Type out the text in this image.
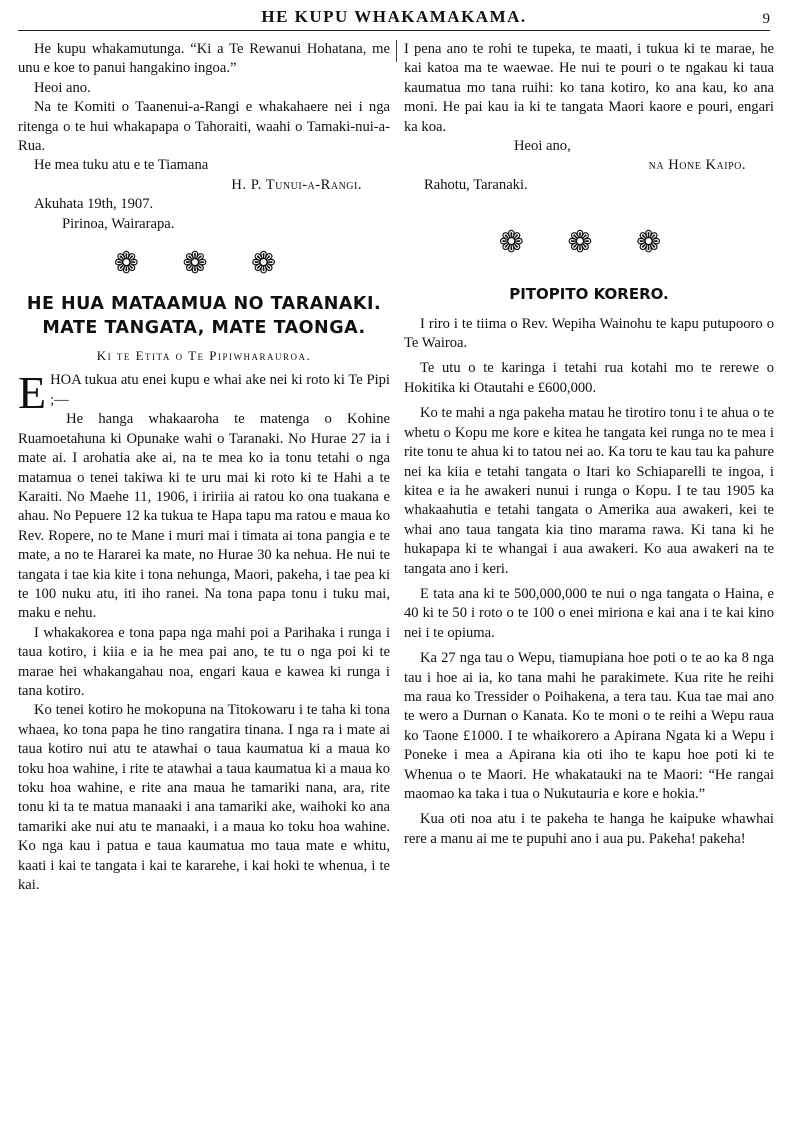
HE KUPU WHAKAMAKAMA.	9

He kupu whakamutunga. “Ki a Te Rewanui Hohatana, me unu e koe to panui hangakino ingoa.”

Heoi ano.

Na te Komiti o Taanenui-a-Rangi e whakahaere nei i nga ritenga o te hui whakapapa o Tahoraiti, waahi o Tamaki-nui-a-Rua.

He mea tuku atu e te Tiamana

H. P. Tunui-a-Rangi.

Akuhata 19th, 1907.

Pirinoa, Wairarapa.

❁ ❁ ❁
HE HUA MATAAMUA NO TARANAKI.
MATE TANGATA, MATE TAONGA.
Ki te Etita o Te Pipiwharauroa.
E HOA tukua atu enei kupu e whai ake nei ki roto ki Te Pipi ;—

He hanga whakaaroha te matenga o Kohine Ruamoetahuna ki Opunake wahi o Taranaki. No Hurae 27 ia i mate ai. I arohatia ake ai, na te mea ko ia tonu tetahi o nga matamua o tenei takiwa ki te uru mai ki roto ki te Hahi a te Karaiti. No Maehe 11, 1906, i iririia ai ratou ko ona tuakana e ahau. No Pepuere 12 ka tukua te Hapa tapu ma ratou e maua ko Rev. Ropere, no te Mane i muri mai i timata ai tona pangia e te mate, a no te Hararei ka mate, no Hurae 30 ka nehua. He nui te tangata i tae kia kite i tona nehunga, Maori, pakeha, i tae pea ki te 100 nuku atu, iti iho ranei. Na tona papa tonu i tuku mai, maku e nehu.

I whakakorea e tona papa nga mahi poi a Parihaka i runga i taua kotiro, i kiia e ia he mea pai ano, te tu o nga poi ki te marae hei whakangahau noa, engari kaua e kawea ki runga i tana kotiro.

Ko tenei kotiro he mokopuna na Titokowaru i te taha ki tona whaea, ko tona papa he tino rangatira tinana. I nga ra i mate ai taua kotiro nui atu te atawhai o taua kaumatua ki a maua ko toku hoa wahine, i rite te atawhai a taua kaumatua ki a maua ko toku hoa wahine, e rite ana maua he tamariki nana, ara, rite tonu ki ta te matua manaaki i ana tamariki ake, waihoki ko ana tamariki ake nui atu te manaaki, i a maua ko toku hoa wahine. Ko nga kau i patua e taua kaumatua mo taua mate e whitu, kaati i kai te tangata i kai te kararehe, i kai hoki te whenua, i te kai.

I pena ano te rohi te tupeka, te maati, i tukua ki te marae, he kai katoa ma te waewae. He nui te pouri o te ngakau ki taua kaumatua mo tana ruihi: ko tana kotiro, ko ana kau, ko ana moni. He pai kau ia ki te tangata Maori kaore e pouri, engari ka koa.

Heoi ano,

na Hone Kaipo.

Rahotu, Taranaki.

❁ ❁ ❁
PITOPITO KORERO.

I riro i te tiima o Rev. Wepiha Wainohu te kapu putupooro o Te Wairoa.

Te utu o te karinga i tetahi rua kotahi mo te rerewe o Hokitika ki Otautahi e £600,000.

Ko te mahi a nga pakeha matau he tirotiro tonu i te ahua o te whetu o Kopu me kore e kitea he tangata kei runga no te mea i rite tonu te ahua ki to tatou nei ao. Ka toru te kau tau ka pahure nei ka kiia e tetahi tangata o Itari ko Schiaparelli te ingoa, i kitea e ia he awakeri nunui i runga o Kopu. I te tau 1905 ka whakaahutia e tetahi tangata o Amerika aua awakeri, kei te whai ano taua tangata kia tino marama rawa. Ki tana ki he hukapapa ki te whangai i aua awakeri. Ko aua awakeri na te tangata ano i keri.

E tata ana ki te 500,000,000 te nui o nga tangata o Haina, e 40 ki te 50 i roto o te 100 o enei miriona e kai ana i te kai kino nei i te opiuma.

Ka 27 nga tau o Wepu, tiamupiana hoe poti o te ao ka 8 nga tau i hoe ai ia, ko tana mahi he parakimete. Kua rite he reihi ma raua ko Tressider o Poihakena, a tera tau. Kua tae mai ano te wero a Durnan o Kanata. Ko te moni o te reihi a Wepu raua ko Taone £1000. I te whaikorero a Apirana Ngata ki a Wepu i Poneke i mea a Apirana kia oti iho te kapu hoe poti ki te Whenua o te Maori. He whakatauki na te Maori: “He rangai maomao ka taka i tua o Nukutauria e kore e hokia.”

Kua oti noa atu i te pakeha te hanga he kaipuke whawhai rere a manu ai me te pupuhi ano i aua pu. Pakeha! pakeha!
